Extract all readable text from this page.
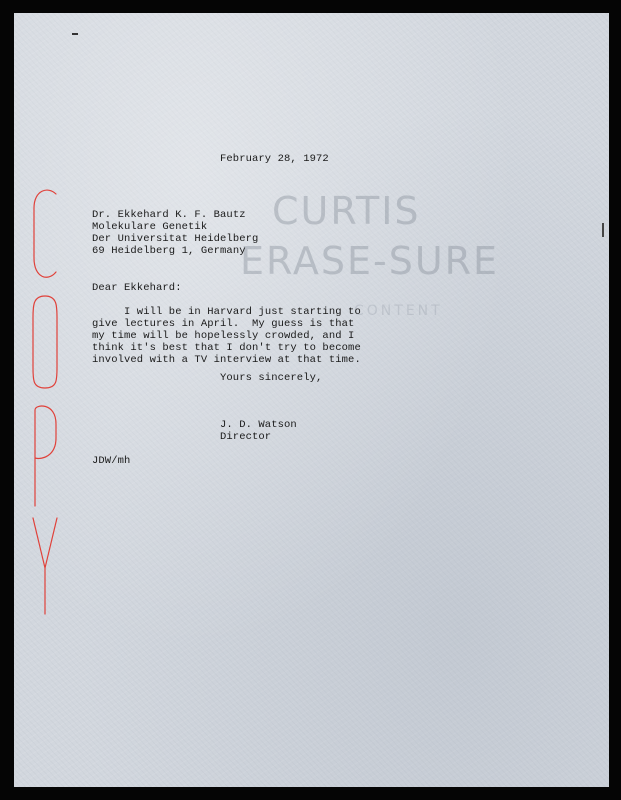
CURTIS

ERASE-SURE

CONTENT

February 28, 1972

Dr. Ekkehard K. F. Bautz

Molekulare Genetik

Der Universitat Heidelberg

69 Heidelberg 1, Germany

Dear Ekkehard:

I will be in Harvard just starting to

give lectures in April.  My guess is that

my time will be hopelessly crowded, and I

think it's best that I don't try to become

involved with a TV interview at that time.

Yours sincerely,

J. D. Watson

Director

JDW/mh
